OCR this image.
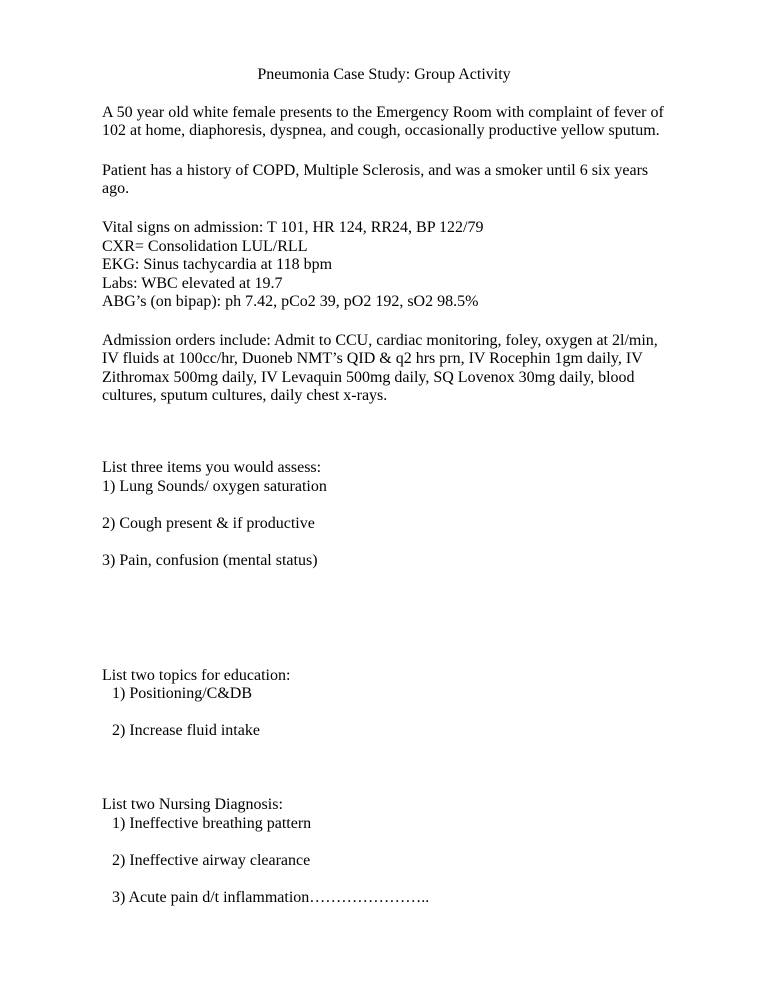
Pneumonia Case Study: Group Activity
A 50 year old white female presents to the Emergency Room with complaint of fever of
102 at home, diaphoresis, dyspnea, and cough, occasionally productive yellow sputum.
Patient has a history of COPD, Multiple Sclerosis, and was a smoker until 6 six years
ago.
Vital signs on admission: T 101, HR 124, RR24, BP 122/79
CXR= Consolidation LUL/RLL
EKG: Sinus tachycardia at 118 bpm
Labs: WBC elevated at 19.7
ABG’s (on bipap): ph 7.42, pCo2 39, pO2 192, sO2 98.5%
Admission orders include: Admit to CCU, cardiac monitoring, foley, oxygen at 2l/min,
IV fluids at 100cc/hr, Duoneb NMT’s QID & q2 hrs prn, IV Rocephin 1gm daily, IV
Zithromax 500mg daily, IV Levaquin 500mg daily, SQ Lovenox 30mg daily, blood
cultures, sputum cultures, daily chest x-rays.
List three items you would assess:
1) Lung Sounds/ oxygen saturation
2) Cough present & if productive
3) Pain, confusion (mental status)
List two topics for education:
1) Positioning/C&DB
2) Increase fluid intake
List two Nursing Diagnosis:
1) Ineffective breathing pattern
2) Ineffective airway clearance
3) Acute pain d/t inflammation…………………..
